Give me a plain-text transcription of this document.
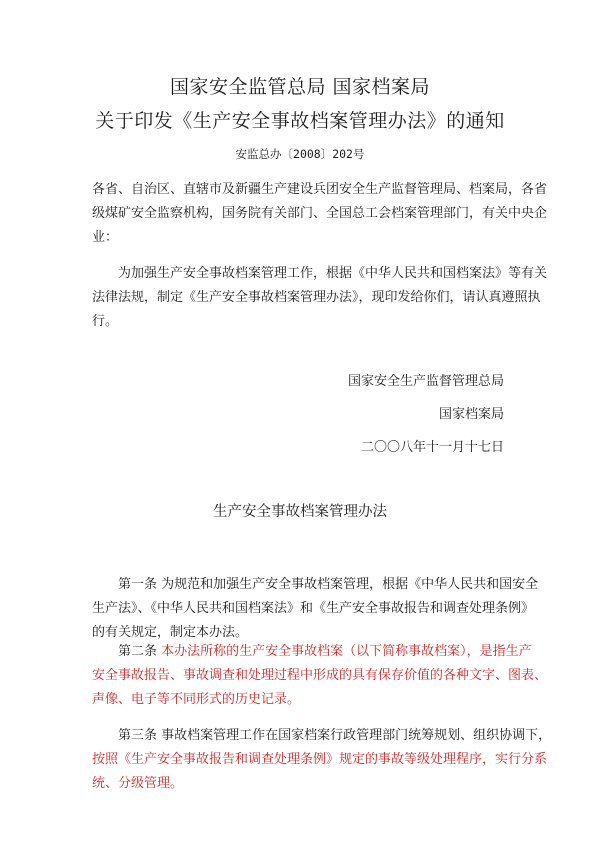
国家安全监管总局 国家档案局
关于印发《生产安全事故档案管理办法》的通知
安监总办〔2008〕202号
各省、自治区、直辖市及新疆生产建设兵团安全生产监督管理局、档案局，各省
级煤矿安全监察机构，国务院有关部门、全国总工会档案管理部门，有关中央企
业：
为加强生产安全事故档案管理工作，根据《中华人民共和国档案法》等有关
法律法规，制定《生产安全事故档案管理办法》，现印发给你们，请认真遵照执
行。
国家安全生产监督管理总局
国家档案局
二〇〇八年十一月十七日
生产安全事故档案管理办法
第一条 为规范和加强生产安全事故档案管理，根据《中华人民共和国安全
生产法》、《中华人民共和国档案法》和《生产安全事故报告和调查处理条例》
的有关规定，制定本办法。
第二条 本办法所称的生产安全事故档案（以下简称事故档案），是指生产
安全事故报告、事故调查和处理过程中形成的具有保存价值的各种文字、图表、
声像、电子等不同形式的历史记录。
第三条 事故档案管理工作在国家档案行政管理部门统筹规划、组织协调下，
按照《生产安全事故报告和调查处理条例》规定的事故等级处理程序，实行分系
统、分级管理。
